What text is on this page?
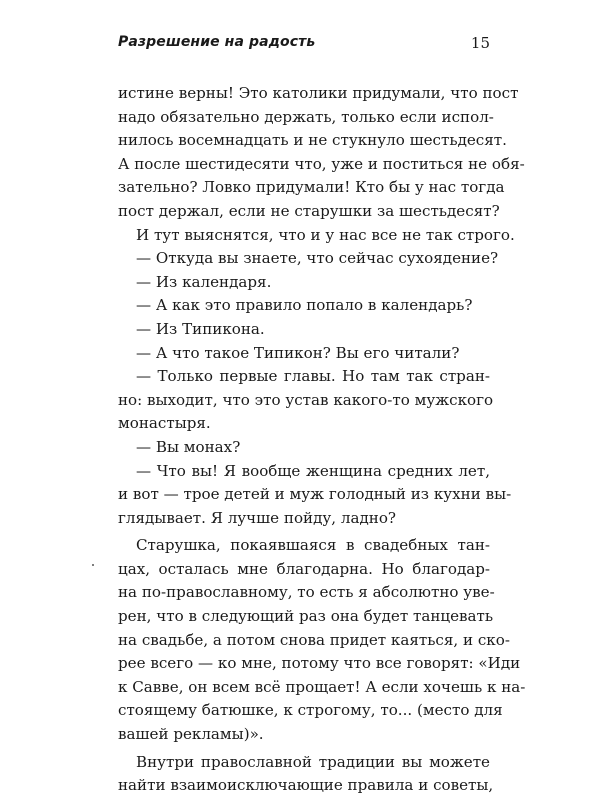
Разрешение на радость	15
истине верны! Это католики придумали, что пост
надо обязательно держать, только если испол-
нилось восемнадцать и не стукнуло шестьдесят.
А после шестидесяти что, уже и поститься не обя-
зательно? Ловко придумали! Кто бы у нас тогда
пост держал, если не старушки за шестьдесят?
И тут выяснятся, что и у нас все не так строго.
— Откуда вы знаете, что сейчас сухоядение?
— Из календаря.
— А как это правило попало в календарь?
— Из Типикона.
— А что такое Типикон? Вы его читали?
— Только первые главы. Но там так стран-
но: выходит, что это устав какого-то мужского
монастыря.
— Вы монах?
— Что вы! Я вообще женщина средних лет,
и вот — трое детей и муж голодный из кухни вы-
глядывает. Я лучше пойду, ладно?
Старушка, покаявшаяся в свадебных тан-
цах, осталась мне благодарна. Но благодар-
на по-православному, то есть я абсолютно уве-
рен, что в следующий раз она будет танцевать
на свадьбе, а потом снова придет каяться, и ско-
рее всего — ко мне, потому что все говорят: «Иди
к Савве, он всем всё прощает! А если хочешь к на-
стоящему батюшке, к строгому, то... (место для
вашей рекламы)».
Внутри православной традиции вы можете
найти взаимоисключающие правила и советы,
